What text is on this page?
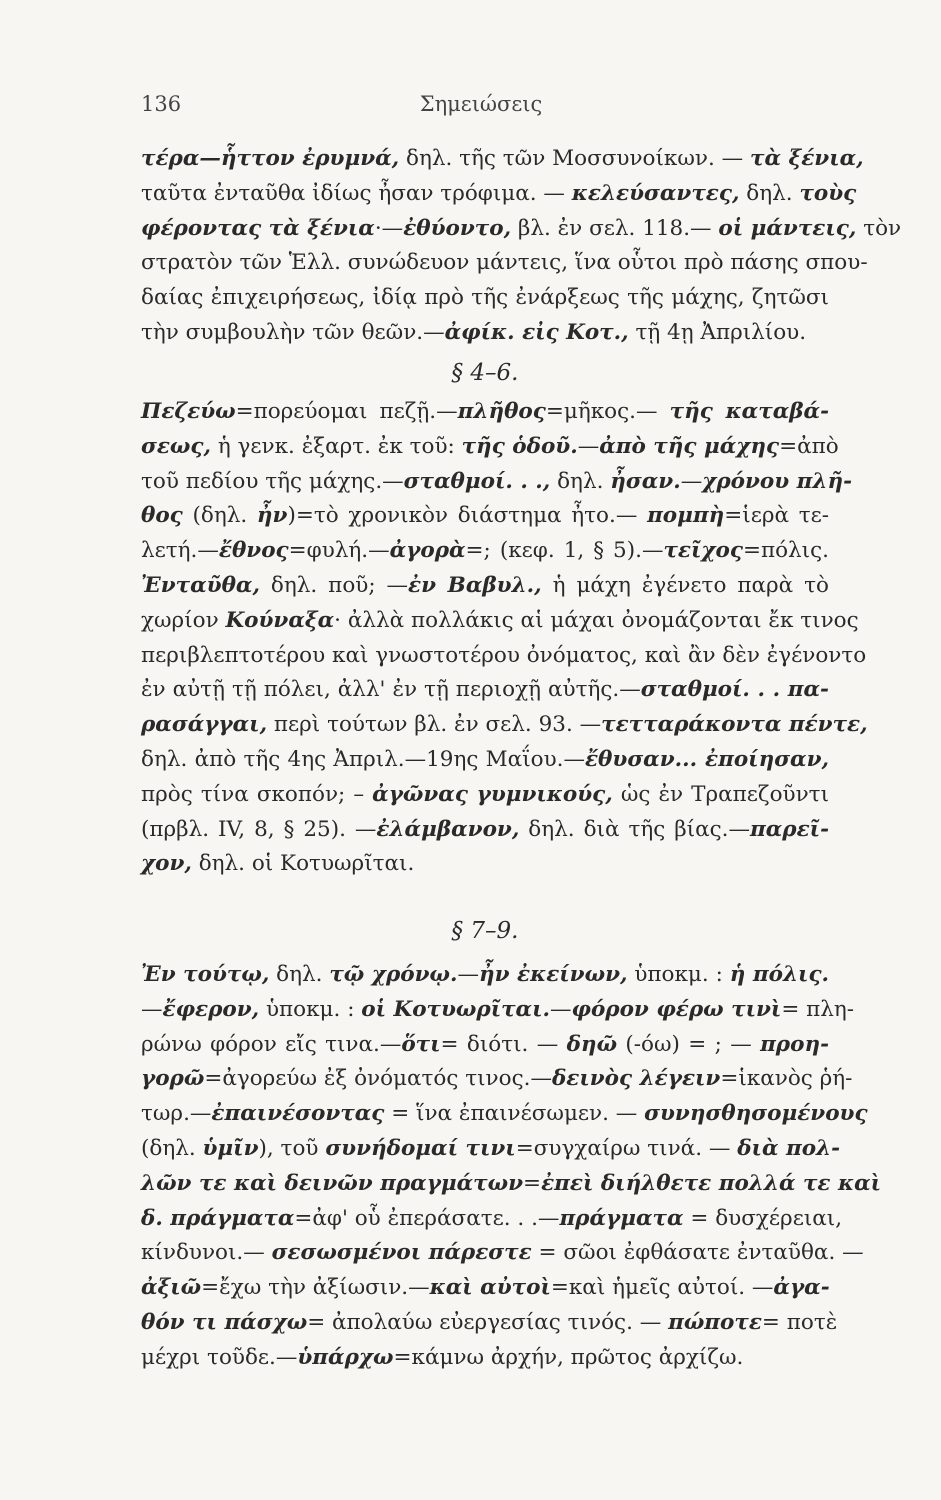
136	Σημειώσεις
τέρα—ἧττον ἐρυμνά, δηλ. τῆς τῶν Μοσσυνοίκων. — τὰ ξένια,
ταῦτα ἐνταῦθα ἰδίως ἦσαν τρόφιμα. — κελεύσαντες, δηλ. τοὺς
φέροντας τὰ ξένια·—ἐθύοντο, βλ. ἐν σελ. 118.— οἱ μάντεις, τὸν
στρατὸν τῶν Ἑλλ. συνώδευον μάντεις, ἵνα οὗτοι πρὸ πάσης σπου-
δαίας ἐπιχειρήσεως, ἰδίᾳ πρὸ τῆς ἐνάρξεως τῆς μάχης, ζητῶσι
τὴν συμβουλὴν τῶν θεῶν.—ἀφίκ. εἰς Κοτ., τῇ 4ῃ Ἀπριλίου.
§ 4–6.
Πεζεύω=πορεύομαι πεζῇ.—πλῆθος=μῆκος.— τῆς καταβά-
σεως, ἡ γενκ. ἐξαρτ. ἐκ τοῦ: τῆς ὁδοῦ.—ἀπὸ τῆς μάχης=ἀπὸ
τοῦ πεδίου τῆς μάχης.—σταθμοί. . ., δηλ. ἦσαν.—χρόνου πλῆ-
θος (δηλ. ἦν)=τὸ χρονικὸν διάστημα ἦτο.— πομπὴ=ἱερὰ τε-
λετή.—ἔθνος=φυλή.—ἀγορὰ=; (κεφ. 1, § 5).—τεῖχος=πόλις.
Ἐνταῦθα, δηλ. ποῦ; —ἐν Βαβυλ., ἡ μάχη ἐγένετο παρὰ τὸ
χωρίον Κούναξα· ἀλλὰ πολλάκις αἱ μάχαι ὀνομάζονται ἔκ τινος
περιβλεπτοτέρου καὶ γνωστοτέρου ὀνόματος, καὶ ἂν δὲν ἐγένοντο
ἐν αὐτῇ τῇ πόλει, ἀλλ' ἐν τῇ περιοχῇ αὐτῆς.—σταθμοί. . . πα-
ρασάγγαι, περὶ τούτων βλ. ἐν σελ. 93. —τετταράκοντα πέντε,
δηλ. ἀπὸ τῆς 4ης Ἀπριλ.—19ης Μαΐου.—ἔθυσαν... ἐποίησαν,
πρὸς τίνα σκοπόν; – ἀγῶνας γυμνικούς, ὡς ἐν Τραπεζοῦντι
(πρβλ. IV, 8, § 25). —ἐλάμβανον, δηλ. διὰ τῆς βίας.—παρεῖ-
χον, δηλ. οἱ Κοτυωρῖται.
§ 7–9.
Ἐν τούτῳ, δηλ. τῷ χρόνῳ.—ἦν ἐκείνων, ὑποκμ. : ἡ πόλις.
—ἔφερον, ὑποκμ. : οἱ Κοτυωρῖται.—φόρον φέρω τινὶ= πλη-
ρώνω φόρον εἴς τινα.—ὅτι= διότι. — δηῶ (-όω) = ; — προη-
γορῶ=ἀγορεύω ἐξ ὀνόματός τινος.—δεινὸς λέγειν=ἱκανὸς ῥή-
τωρ.—ἐπαινέσοντας = ἵνα ἐπαινέσωμεν. — συνησθησομένους
(δηλ. ὑμῖν), τοῦ συνήδομαί τινι=συγχαίρω τινά. — διὰ πολ-
λῶν τε καὶ δεινῶν πραγμάτων=ἐπεὶ διήλθετε πολλά τε καὶ
δ. πράγματα=ἀφ' οὗ ἐπεράσατε. . .—πράγματα = δυσχέρειαι,
κίνδυνοι.— σεσωσμένοι πάρεστε = σῶοι ἐφθάσατε ἐνταῦθα. —
ἀξιῶ=ἔχω τὴν ἀξίωσιν.—καὶ αὐτοὶ=καὶ ἡμεῖς αὐτοί. —ἀγα-
θόν τι πάσχω= ἀπολαύω εὐεργεσίας τινός. — πώποτε= ποτὲ
μέχρι τοῦδε.—ὑπάρχω=κάμνω ἀρχήν, πρῶτος ἀρχίζω.
